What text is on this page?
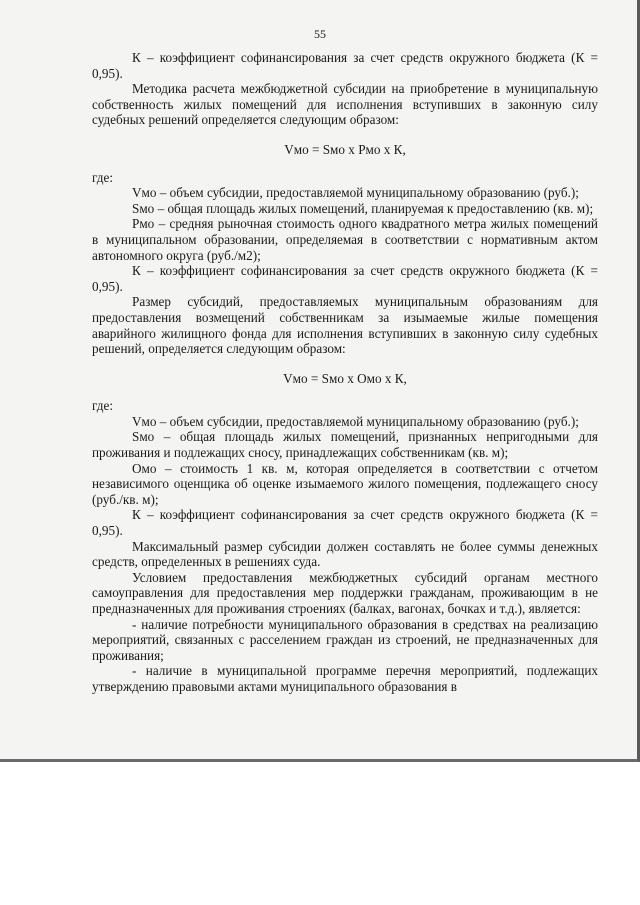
55

К – коэффициент софинансирования за счет средств окружного бюджета (К = 0,95).

Методика расчета межбюджетной субсидии на приобретение в муниципальную собственность жилых помещений для исполнения вступивших в законную силу судебных решений определяется следующим образом:

Vмо = Sмо х Рмо х К,

где:

Vмо – объем субсидии, предоставляемой муниципальному образованию (руб.);

Sмо – общая площадь жилых помещений, планируемая к предоставлению (кв. м);

Рмо – средняя рыночная стоимость одного квадратного метра жилых помещений в муниципальном образовании, определяемая в соответствии с нормативным актом автономного округа (руб./м2);

К – коэффициент софинансирования за счет средств окружного бюджета (К = 0,95).

Размер субсидий, предоставляемых муниципальным образованиям для предоставления возмещений собственникам за изымаемые жилые помещения аварийного жилищного фонда для исполнения вступивших в законную силу судебных решений, определяется следующим образом:

Vмо = Sмо х Омо х К,

где:

Vмо – объем субсидии, предоставляемой муниципальному образованию (руб.);

Sмо – общая площадь жилых помещений, признанных непригодными для проживания и подлежащих сносу, принадлежащих собственникам (кв. м);

Омо – стоимость 1 кв. м, которая определяется в соответствии с отчетом независимого оценщика об оценке изымаемого жилого помещения, подлежащего сносу (руб./кв. м);

К – коэффициент софинансирования за счет средств окружного бюджета (К = 0,95).

Максимальный размер субсидии должен составлять не более суммы денежных средств, определенных в решениях суда.

Условием предоставления межбюджетных субсидий органам местного самоуправления для предоставления мер поддержки гражданам, проживающим в не предназначенных для проживания строениях (балках, вагонах, бочках и т.д.), является:

- наличие потребности муниципального образования в средствах на реализацию мероприятий, связанных с расселением граждан из строений, не предназначенных для проживания;

- наличие в муниципальной программе перечня мероприятий, подлежащих утверждению правовыми актами муниципального образования в
